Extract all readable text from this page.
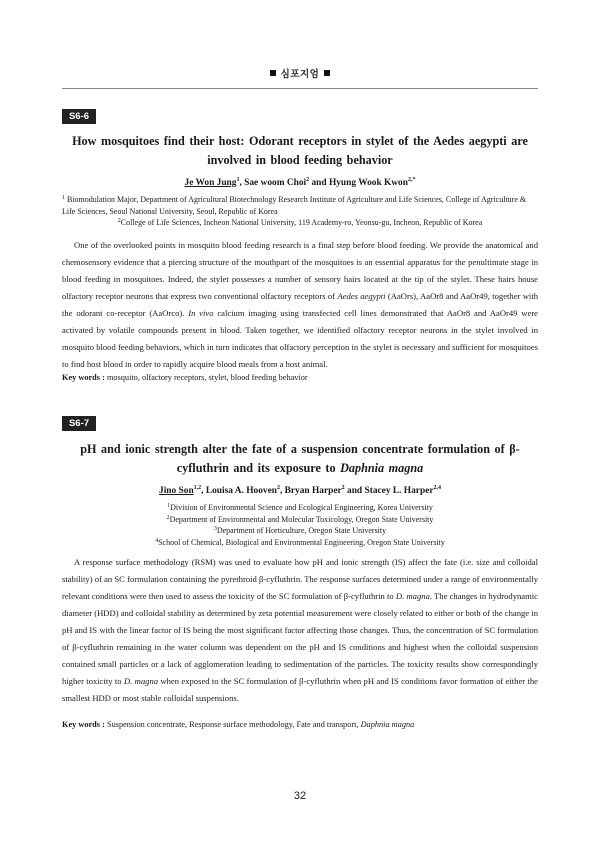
심포지엄
S6-6
How mosquitoes find their host: Odorant receptors in stylet of the Aedes aegypti are involved in blood feeding behavior
Je Won Jung$^1$, Sae woom Choi$^2$ and Hyung Wook Kwon$^{2,*}$

$^1$ Biomodulation Major, Department of Agricultural Biotechnology Research Institute of Agriculture and Life Sciences, College of Agriculture & Life Sciences, Seoul National University, Seoul, Republic of Korea

$^2$College of Life Sciences, Incheon National University, 119 Academy-ro, Yeonsu-gu, Incheon, Republic of Korea

One of the overlooked points in mosquito blood feeding research is a final step before blood feeding. We provide the anatomical and chemosensory evidence that a piercing structure of the mouthpart of the mosquitoes is an essential apparatus for the penultimate stage in blood feeding in mosquitoes. Indeed, the stylet possesses a number of sensory hairs located at the tip of the stylet. These hairs house olfactory receptor neurons that express two conventional olfactory receptors of Aedes aegypti (AaOrs), AaOr8 and AaOr49, together with the odorant co-receptor (AaOrco). In vivo calcium imaging using transfected cell lines demonstrated that AaOr8 and AaOr49 were activated by volatile compounds present in blood. Taken together, we identified olfactory receptor neurons in the stylet involved in mosquito blood feeding behaviors, which in turn indicates that olfactory perception in the stylet is necessary and sufficient for mosquitoes to find host blood in order to rapidly acquire blood meals from a host animal.

Key words : mosquito, olfactory receptors, stylet, blood feeding behavior
S6-7
pH and ionic strength alter the fate of a suspension concentrate formulation of β-cyfluthrin and its exposure to Daphnia magna
Jino Son$^{1,2}$, Louisa A. Hooven$^2$, Bryan Harper$^2$ and Stacey L. Harper$^{2,4}$

$^1$Division of Environmental Science and Ecological Engineering, Korea University

$^2$Department of Environmental and Molecular Toxicology, Oregon State University

$^3$Department of Horticulture, Oregon State University

$^4$School of Chemical, Biological and Environmental Engineering, Oregon State University

A response surface methodology (RSM) was used to evaluate how pH and ionic strength (IS) affect the fate (i.e. size and colloidal stability) of an SC formulation containing the pyrethroid β-cyfluthrin. The response surfaces determined under a range of environmentally relevant conditions were then used to assess the toxicity of the SC formulation of β-cyfluthrin to D. magna. The changes in hydrodynamic diameter (HDD) and colloidal stability as determined by zeta potential measurement were closely related to either or both of the change in pH and IS with the linear factor of IS being the most significant factor affecting those changes. Thus, the concentration of SC formulation of β-cyfluthrin remaining in the water column was dependent on the pH and IS conditions and highest when the colloidal suspension contained small particles or a lack of agglomeration leading to sedimentation of the particles. The toxicity results show correspondingly higher toxicity to D. magna when exposed to the SC formulation of β-cyfluthrin when pH and IS conditions favor formation of either the smallest HDD or most stable colloidal suspensions.

Key words : Suspension concentrate, Response surface methodology, Fate and transport, Daphnia magna
32
